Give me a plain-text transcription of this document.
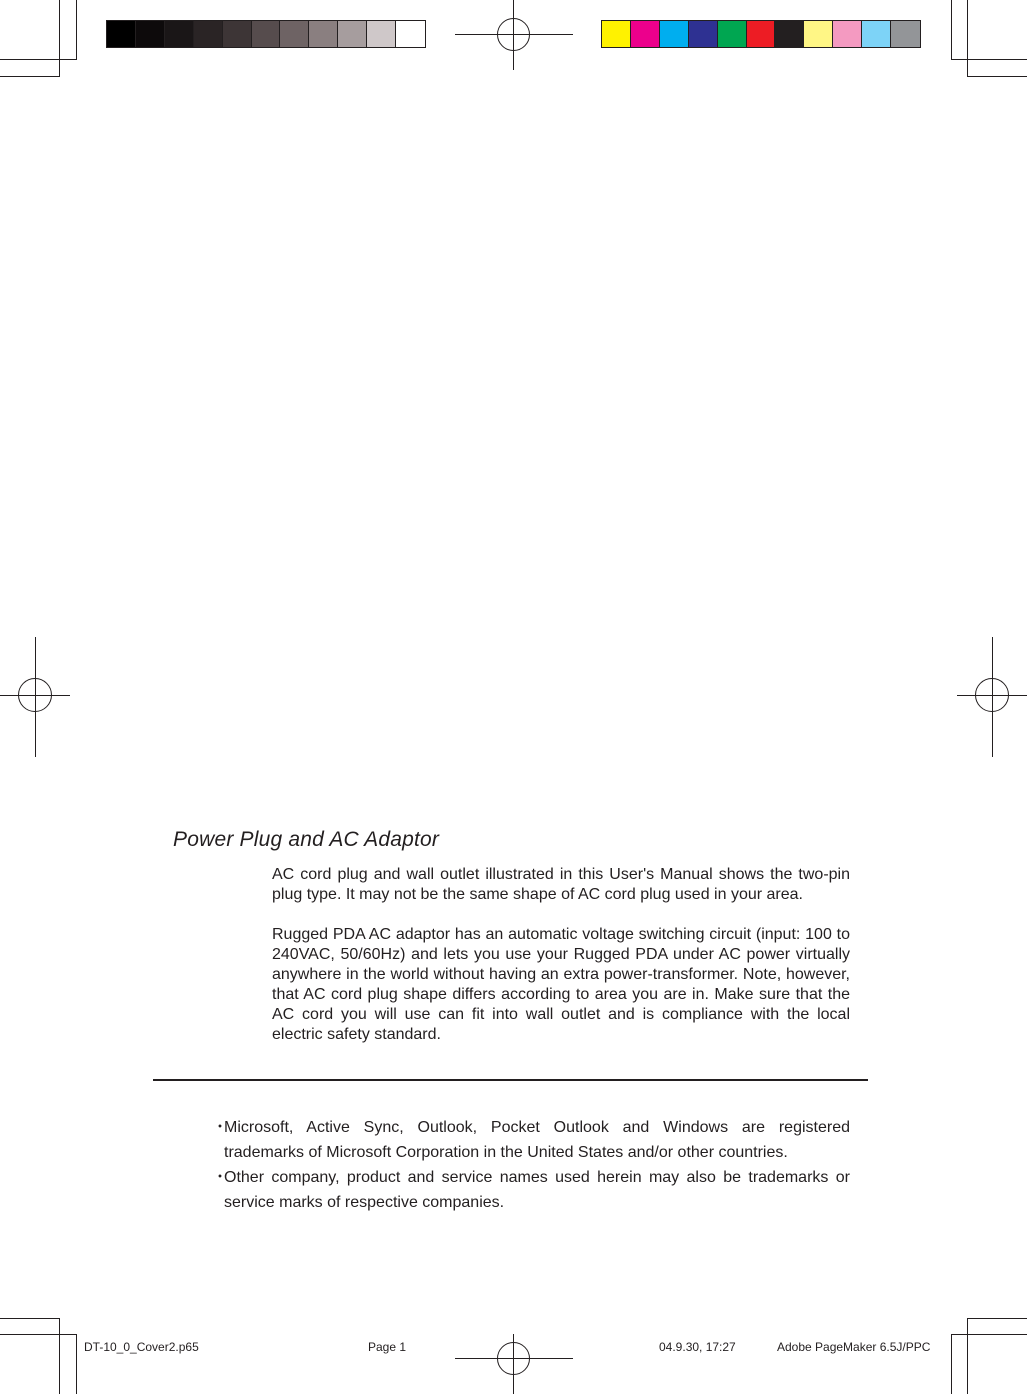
Power Plug and AC Adaptor

AC cord plug and wall outlet illustrated in this User's Manual shows the two-pin plug type. It may not be the same shape of AC cord plug used in your area.

Rugged PDA AC adaptor has an automatic voltage switching circuit (input: 100 to 240VAC, 50/60Hz) and lets you use your Rugged PDA under AC power virtually anywhere in the world without having an extra power-transformer. Note, however, that AC cord plug shape differs according to area you are in. Make sure that the AC cord you will use can fit into wall outlet and is compliance with the local electric safety standard.

・
Microsoft, Active Sync, Outlook, Pocket Outlook and Windows are registered trademarks of Microsoft Corporation in the United States and/or other countries.
・
Other company, product and service names used herein may also be trademarks or service marks of respective companies.
DT-10_0_Cover2.p65	Page 1	04.9.30, 17:27	Adobe PageMaker 6.5J/PPC
